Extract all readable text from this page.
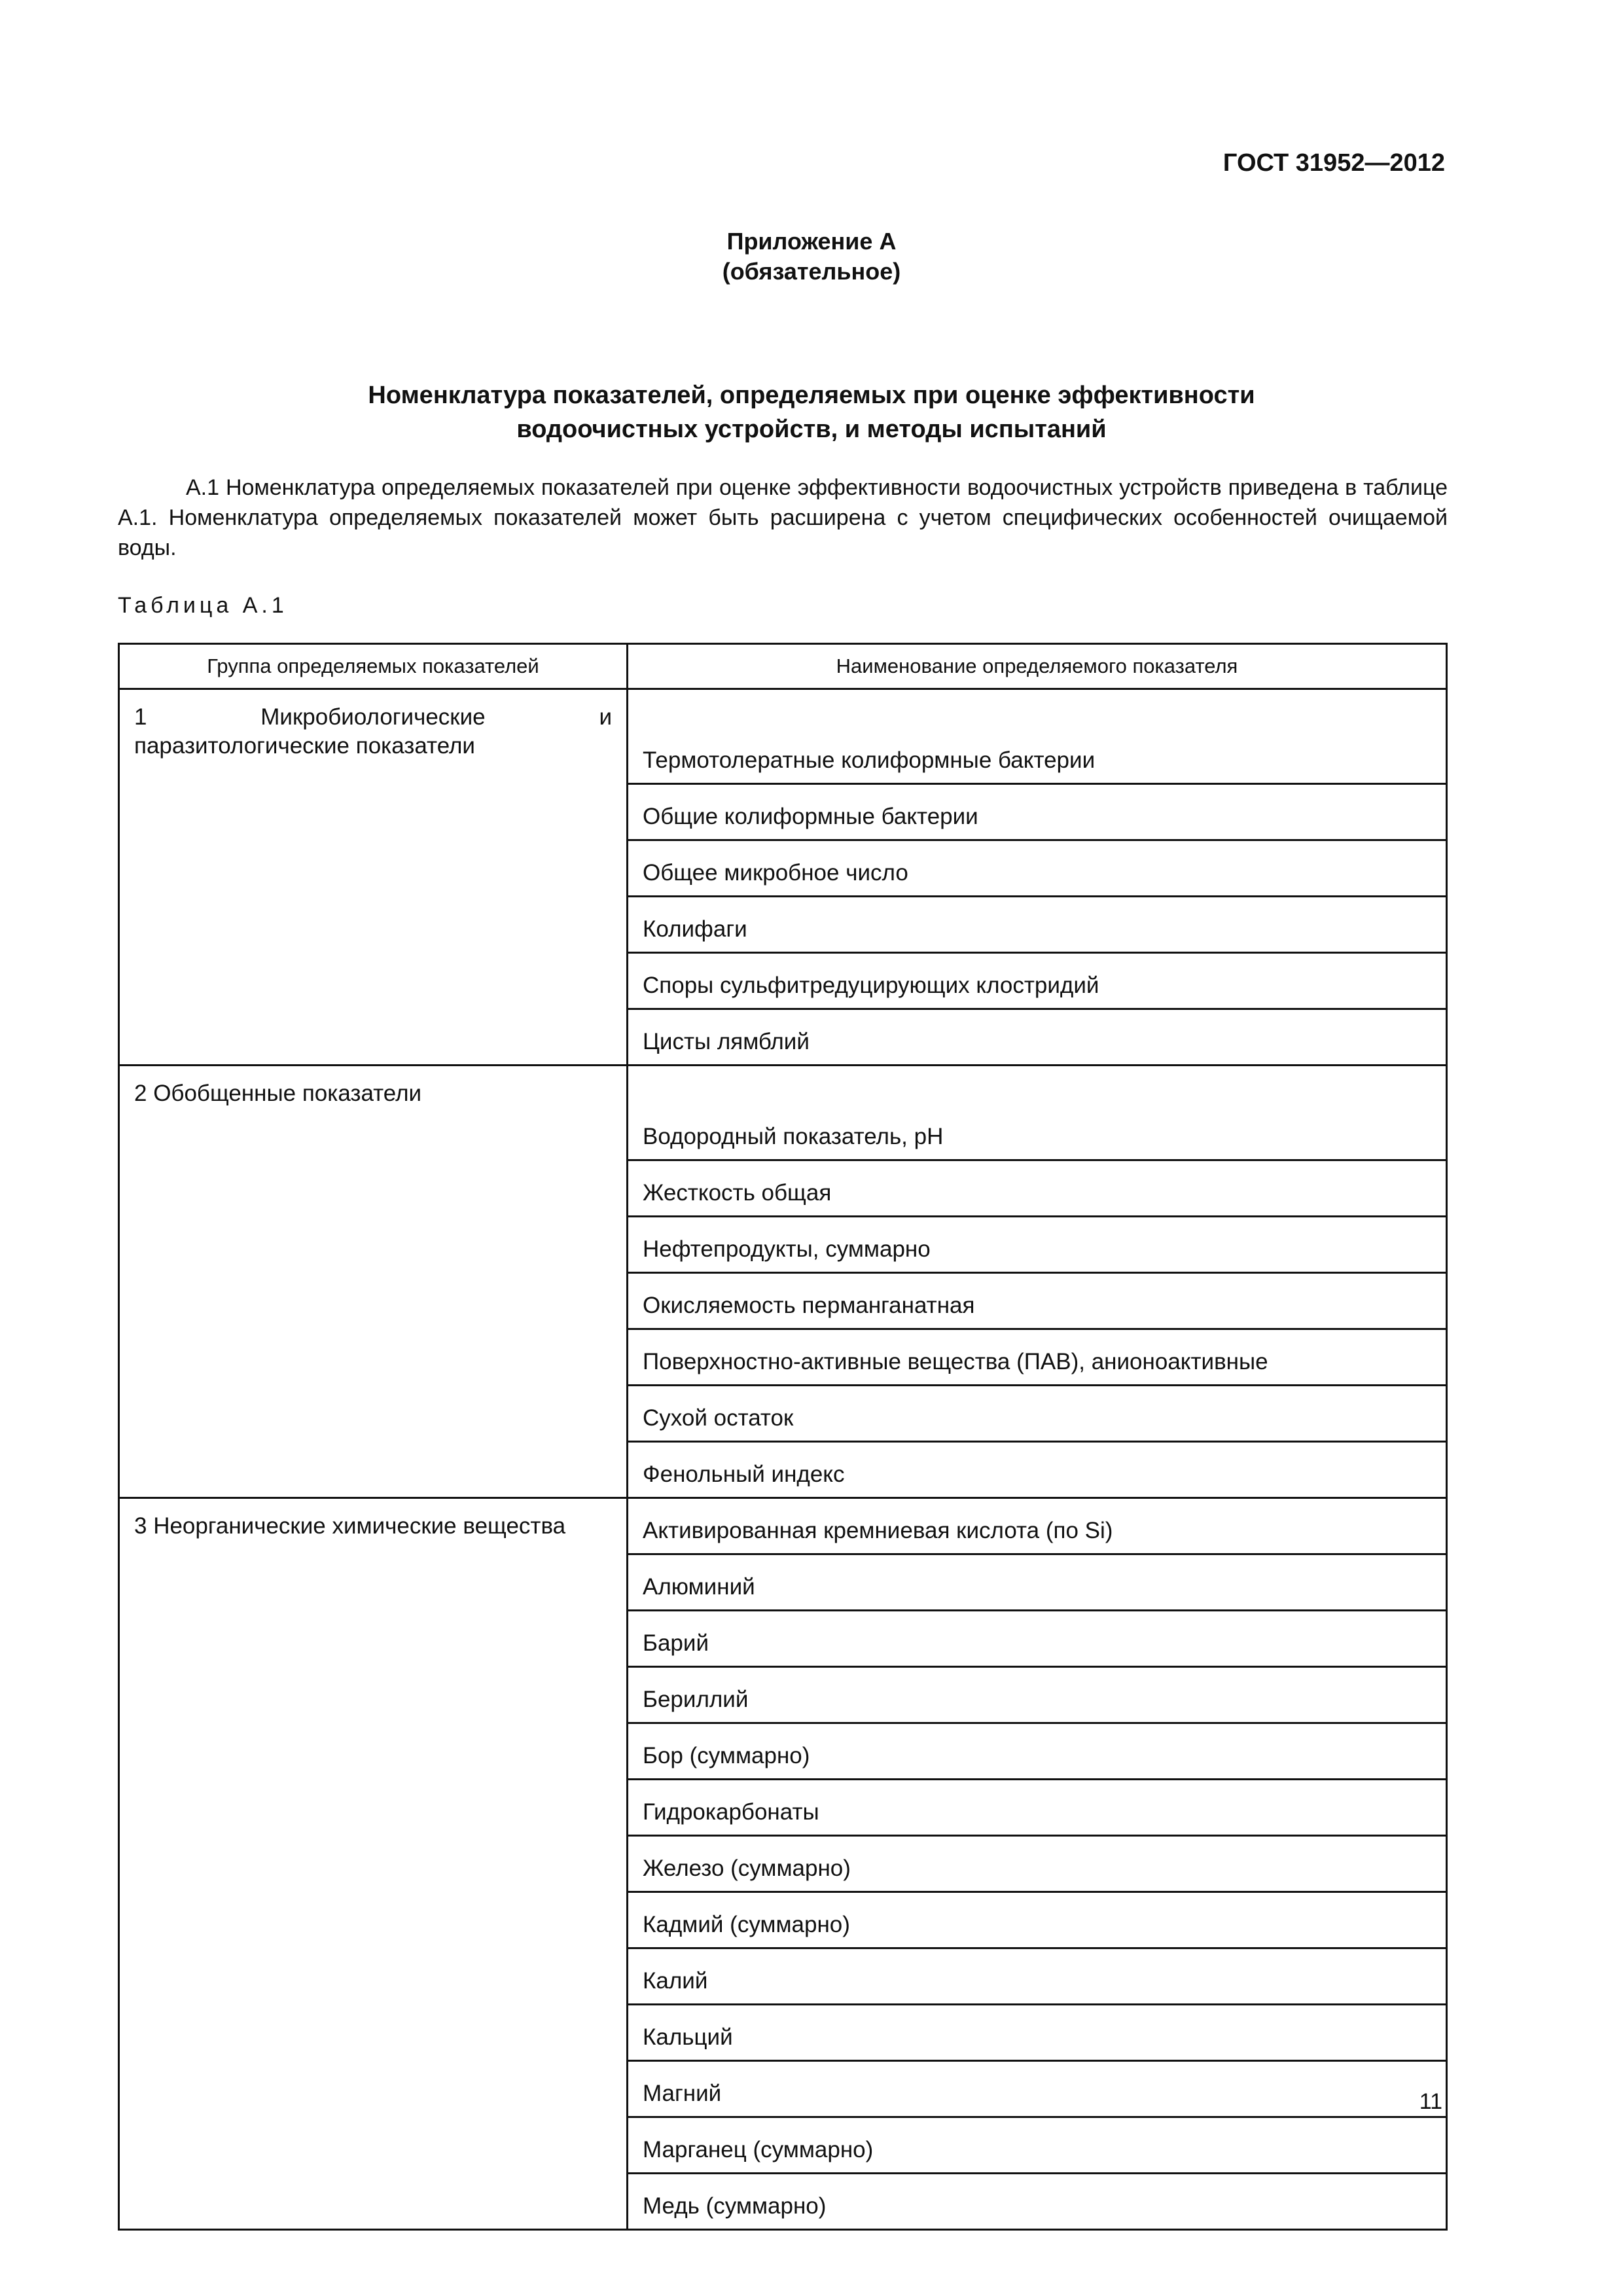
ГОСТ 31952—2012
Приложение А
(обязательное)
Номенклатура показателей, определяемых при оценке эффективности
водоочистных устройств, и методы испытаний
А.1 Номенклатура определяемых показателей при оценке эффективности водоочистных устройств приведена в таблице А.1. Номенклатура определяемых показателей может быть расширена с учетом специфических особенностей очищаемой воды.
Таблица А.1
Группа определяемых показателей	Наименование определяемого показателя
1 Микробиологические и паразитологические показатели	Термотолератные колиформные бактерии
	Общие колиформные бактерии
	Общее микробное число
	Колифаги
	Споры сульфитредуцирующих клостридий
	Цисты лямблий
2 Обобщенные показатели	Водородный показатель, pH
	Жесткость общая
	Нефтепродукты, суммарно
	Окисляемость перманганатная
	Поверхностно-активные вещества (ПАВ), анионоактивные
	Сухой остаток
	Фенольный индекс
3 Неорганические химические вещества	Активированная кремниевая кислота (по Si)
	Алюминий
	Барий
	Бериллий
	Бор (суммарно)
	Гидрокарбонаты
	Железо (суммарно)
	Кадмий (суммарно)
	Калий
	Кальций
	Магний
	Марганец (суммарно)
	Медь (суммарно)
11
